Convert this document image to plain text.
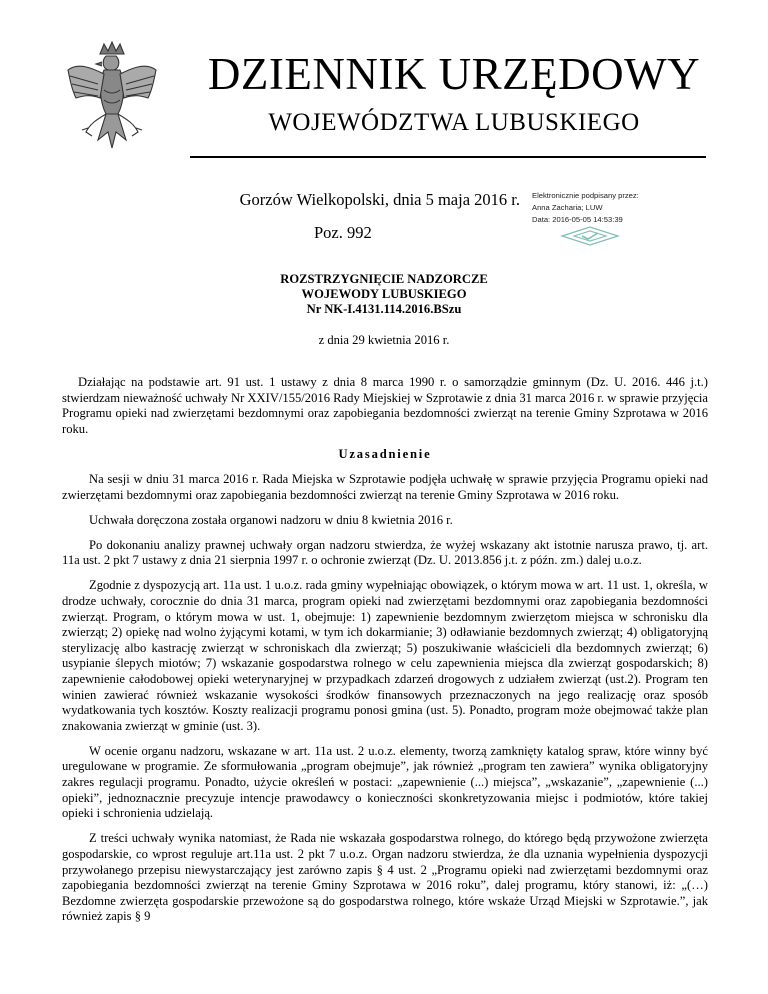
DZIENNIK URZĘDOWY
WOJEWÓDZTWA LUBUSKIEGO
Gorzów Wielkopolski, dnia 5 maja 2016 r.
Poz. 992
Elektronicznie podpisany przez:
Anna Zacharia; LUW
Data: 2016-05-05 14:53:39
ROZSTRZYGNIĘCIE NADZORCZE
WOJEWODY LUBUSKIEGO
Nr NK-I.4131.114.2016.BSzu
z dnia 29 kwietnia 2016 r.

Działając na podstawie art. 91 ust. 1 ustawy z dnia 8 marca 1990 r. o samorządzie gminnym (Dz. U. 2016. 446 j.t.) stwierdzam nieważność uchwały Nr XXIV/155/2016 Rady Miejskiej w Szprotawie z dnia 31 marca 2016 r. w sprawie przyjęcia Programu opieki nad zwierzętami bezdomnymi oraz zapobiegania bezdomności zwierząt na terenie Gminy Szprotawa w 2016 roku.

Uzasadnienie

Na sesji w dniu 31 marca 2016 r. Rada Miejska w Szprotawie podjęła uchwałę w sprawie przyjęcia Programu opieki nad zwierzętami bezdomnymi oraz zapobiegania bezdomności zwierząt na terenie Gminy Szprotawa w 2016 roku.

Uchwała doręczona została organowi nadzoru w dniu 8 kwietnia 2016 r.

Po dokonaniu analizy prawnej uchwały organ nadzoru stwierdza, że wyżej wskazany akt istotnie narusza prawo, tj. art. 11a ust. 2 pkt 7 ustawy z dnia 21 sierpnia 1997 r. o ochronie zwierząt (Dz. U. 2013.856 j.t. z późn. zm.) dalej u.o.z.

Zgodnie z dyspozycją art. 11a ust. 1 u.o.z. rada gminy wypełniając obowiązek, o którym mowa w art. 11 ust. 1, określa, w drodze uchwały, corocznie do dnia 31 marca, program opieki nad zwierzętami bezdomnymi oraz zapobiegania bezdomności zwierząt. Program, o którym mowa w ust. 1, obejmuje: 1) zapewnienie bezdomnym zwierzętom miejsca w schronisku dla zwierząt; 2) opiekę nad wolno żyjącymi kotami, w tym ich dokarmianie; 3) odławianie bezdomnych zwierząt; 4) obligatoryjną sterylizację albo kastrację zwierząt w schroniskach dla zwierząt; 5) poszukiwanie właścicieli dla bezdomnych zwierząt; 6) usypianie ślepych miotów; 7) wskazanie gospodarstwa rolnego w celu zapewnienia miejsca dla zwierząt gospodarskich; 8) zapewnienie całodobowej opieki weterynaryjnej w przypadkach zdarzeń drogowych z udziałem zwierząt (ust.2). Program ten winien zawierać również wskazanie wysokości środków finansowych przeznaczonych na jego realizację oraz sposób wydatkowania tych kosztów. Koszty realizacji programu ponosi gmina (ust. 5). Ponadto, program może obejmować także plan znakowania zwierząt w gminie (ust. 3).

W ocenie organu nadzoru, wskazane w art. 11a ust. 2 u.o.z. elementy, tworzą zamknięty katalog spraw, które winny być uregulowane w programie. Ze sformułowania „program obejmuje”, jak również „program ten zawiera” wynika obligatoryjny zakres regulacji programu. Ponadto, użycie określeń w postaci: „zapewnienie (...) miejsca”, „wskazanie”, „zapewnienie (...) opieki”, jednoznacznie precyzuje intencje prawodawcy o konieczności skonkretyzowania miejsc i podmiotów, które takiej opieki i schronienia udzielają.

Z treści uchwały wynika natomiast, że Rada nie wskazała gospodarstwa rolnego, do którego będą przywożone zwierzęta gospodarskie, co wprost reguluje art.11a ust. 2 pkt 7 u.o.z. Organ nadzoru stwierdza, że dla uznania wypełnienia dyspozycji przywołanego przepisu niewystarczający jest zarówno zapis § 4 ust. 2 „Programu opieki nad zwierzętami bezdomnymi oraz zapobiegania bezdomności zwierząt na terenie Gminy Szprotawa w 2016 roku”, dalej programu, który stanowi, iż: „(…) Bezdomne zwierzęta gospodarskie przewożone są do gospodarstwa rolnego, które wskaże Urząd Miejski w Szprotawie.”, jak również zapis § 9
